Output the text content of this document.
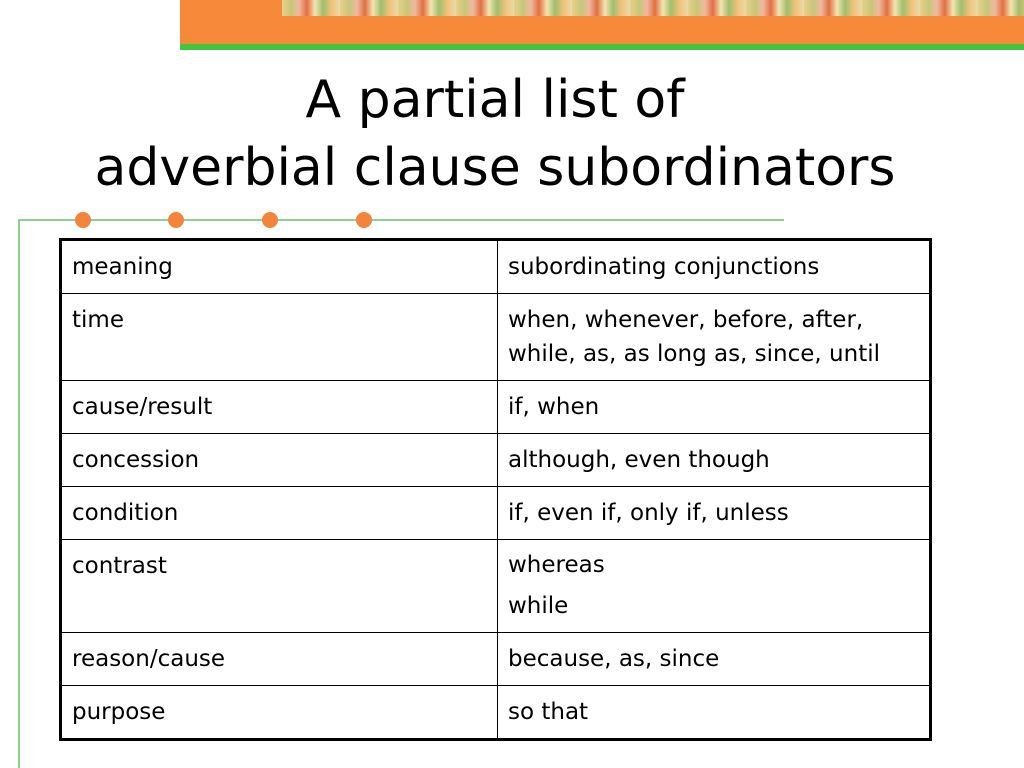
A partial list of
adverbial clause subordinators
meaning	subordinating conjunctions
time	when, whenever, before, after,
while, as, as long as, since, until

cause/result	if, when

concession	although, even though

condition	if, even if, only if, unless

contrast	whereas
while

reason/cause	because, as, since

purpose	so that
